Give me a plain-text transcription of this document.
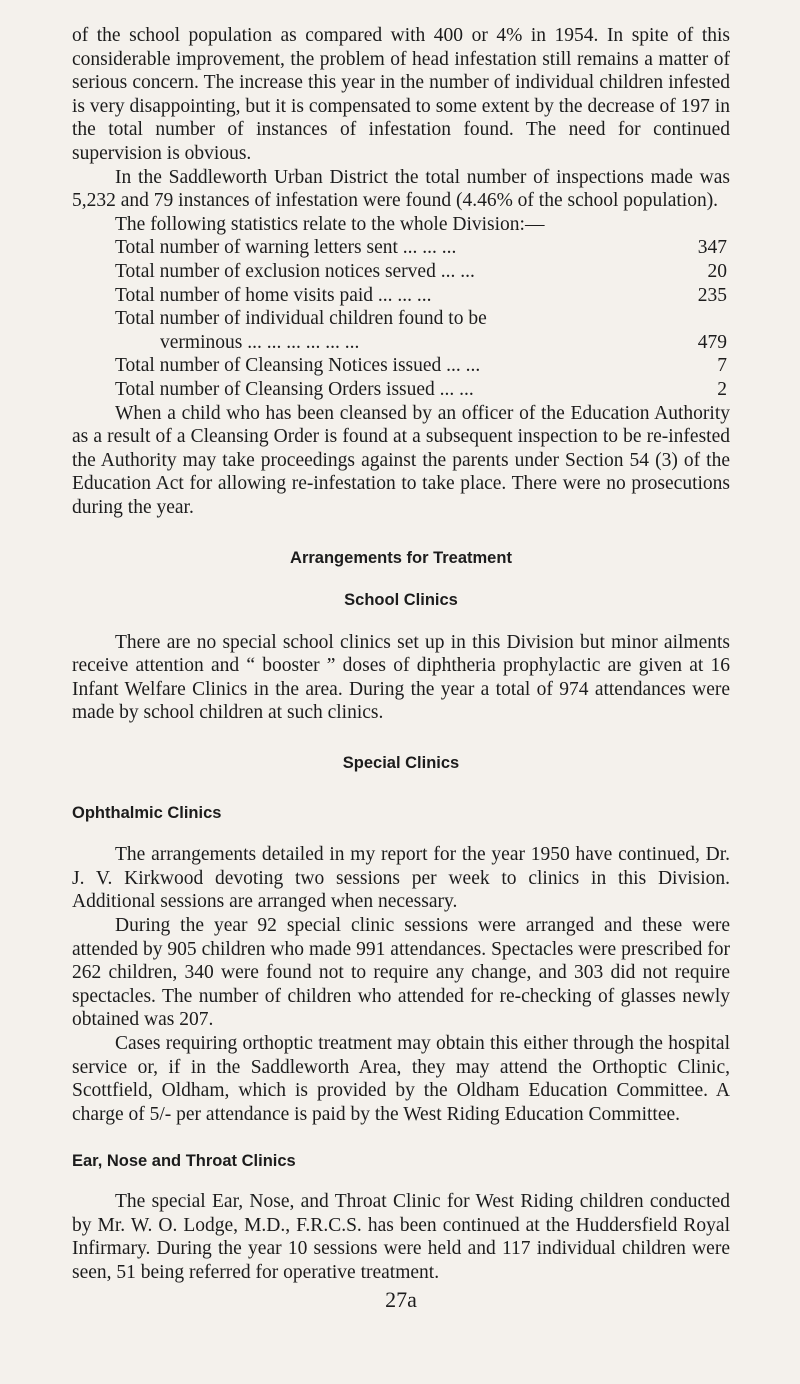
of the school population as compared with 400 or 4% in 1954. In spite of this considerable improvement, the problem of head infestation still remains a matter of serious concern. The increase this year in the number of individual children infested is very disappointing, but it is compensated to some extent by the decrease of 197 in the total number of instances of infestation found. The need for continued supervision is obvious.

In the Saddleworth Urban District the total number of inspections made was 5,232 and 79 instances of infestation were found (4.46% of the school population).

The following statistics relate to the whole Division:—

Total number of warning letters sent ... ... ...	347
Total number of exclusion notices served ... ...	20
Total number of home visits paid ... ... ...	235
Total number of individual children found to be
verminous ... ... ... ... ... ...	479
Total number of Cleansing Notices issued ... ...	7
Total number of Cleansing Orders issued ... ...	2

When a child who has been cleansed by an officer of the Education Authority as a result of a Cleansing Order is found at a subsequent inspection to be re-infested the Authority may take proceedings against the parents under Section 54 (3) of the Education Act for allowing re-infestation to take place. There were no prosecutions during the year.

Arrangements for Treatment
School Clinics

There are no special school clinics set up in this Division but minor ailments receive attention and “ booster ” doses of diphtheria prophylactic are given at 16 Infant Welfare Clinics in the area. During the year a total of 974 attendances were made by school children at such clinics.

Special Clinics
Ophthalmic Clinics

The arrangements detailed in my report for the year 1950 have continued, Dr. J. V. Kirkwood devoting two sessions per week to clinics in this Division. Additional sessions are arranged when necessary.

During the year 92 special clinic sessions were arranged and these were attended by 905 children who made 991 attendances. Spectacles were prescribed for 262 children, 340 were found not to require any change, and 303 did not require spectacles. The number of children who attended for re-checking of glasses newly obtained was 207.

Cases requiring orthoptic treatment may obtain this either through the hospital service or, if in the Saddleworth Area, they may attend the Orthoptic Clinic, Scottfield, Oldham, which is provided by the Oldham Education Committee. A charge of 5/- per attendance is paid by the West Riding Education Committee.

Ear, Nose and Throat Clinics

The special Ear, Nose, and Throat Clinic for West Riding children conducted by Mr. W. O. Lodge, M.D., F.R.C.S. has been continued at the Huddersfield Royal Infirmary. During the year 10 sessions were held and 117 individual children were seen, 51 being referred for operative treatment.

27a
